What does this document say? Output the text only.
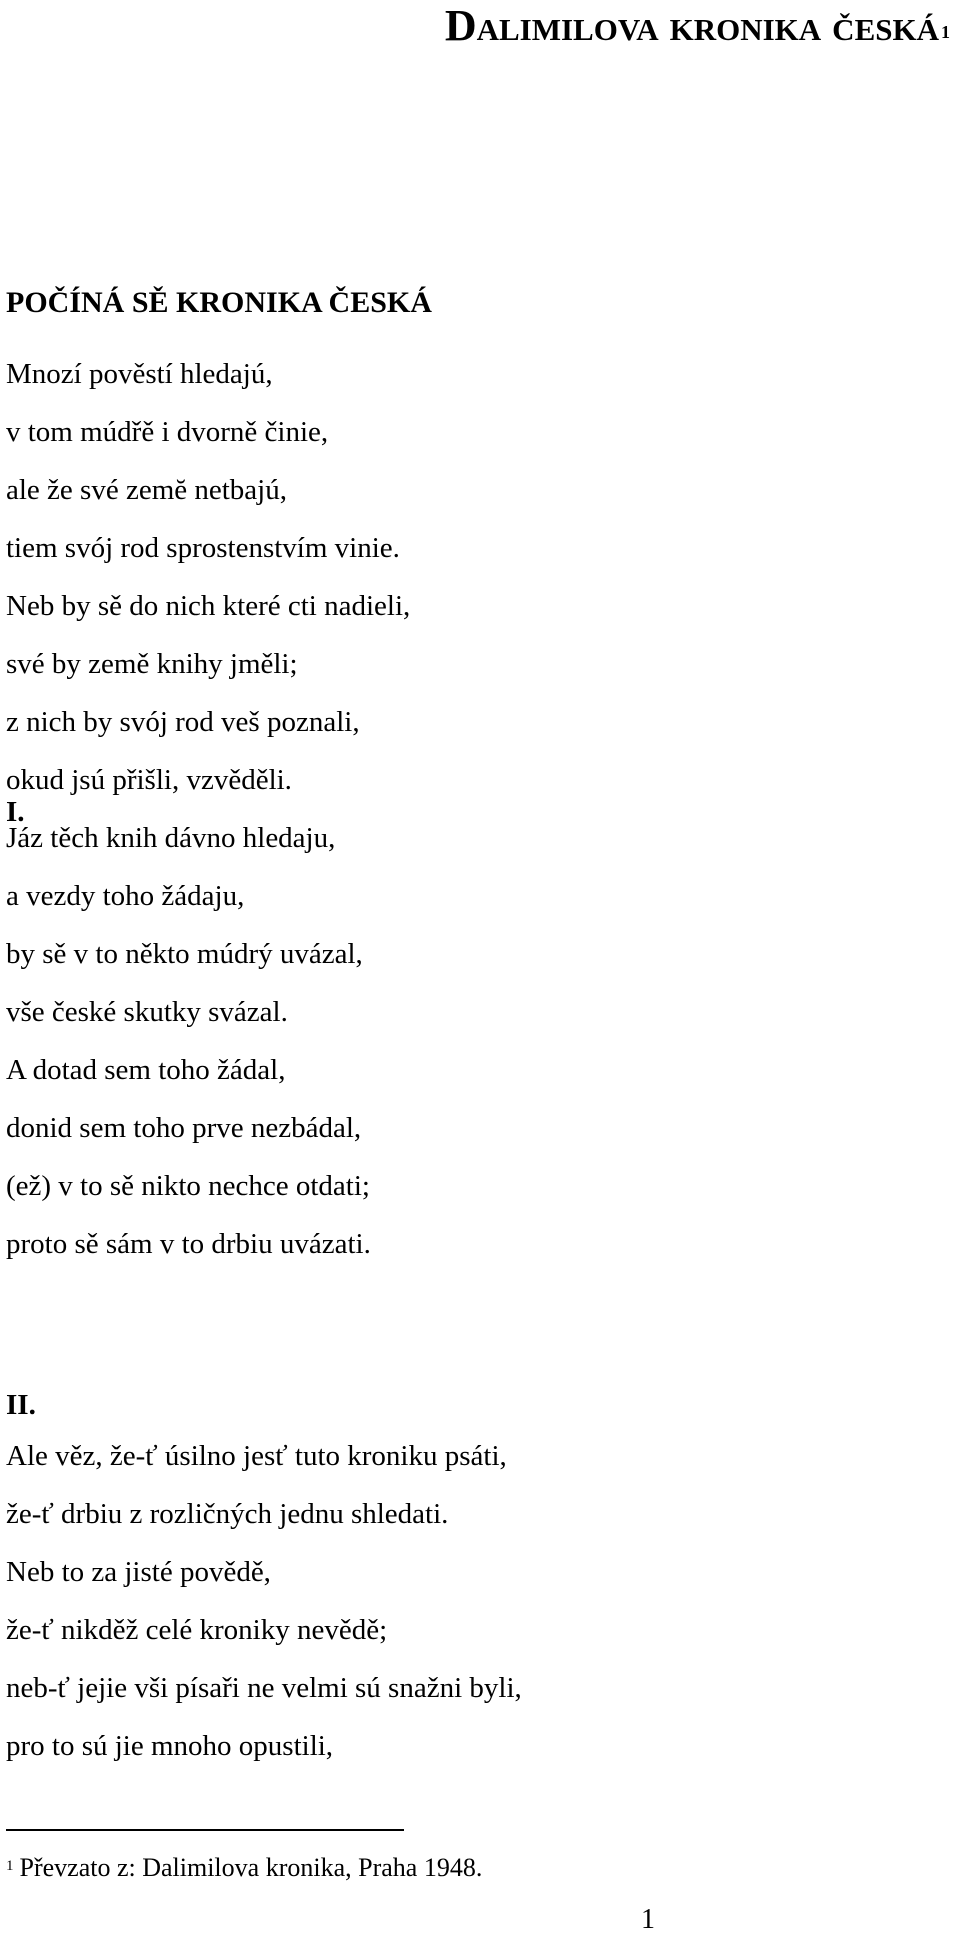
Dalimilova kronika česká $^1$
POČÍNÁ SĚ KRONIKA ČESKÁ
I.
Mnozí pověstí hledajú,
v tom múdřě i dvorně činie,
ale že své zemĕ netbajú,
tiem svój rod sprostenstvím vinie.
Neb by sě do nich které cti nadieli,
své by země knihy jměli;
z nich by svój rod veš poznali,
okud jsú přišli, vzvěděli.
Jáz těch knih dávno hledaju,
a vezdy toho žádaju,
by sě v to někto múdrý uvázal,
vše české skutky svázal.
A dotad sem toho žádal,
donid sem toho prve nezbádal,
(ež) v to sě nikto nechce otdati;
proto sě sám v to drbiu uvázati.
II.
Ale věz, že-ť úsilno jesť tuto kroniku psáti,
že-ť drbiu z rozličných jednu shledati.
Neb to za jisté povědě,
že-ť nikděž celé kroniky nevědě;
neb-ť jejie vši písaři ne velmi sú snažni byli,
pro to sú jie mnoho opustili,
$^1$ Převzato z: Dalimilova kronika, Praha 1948.
1
